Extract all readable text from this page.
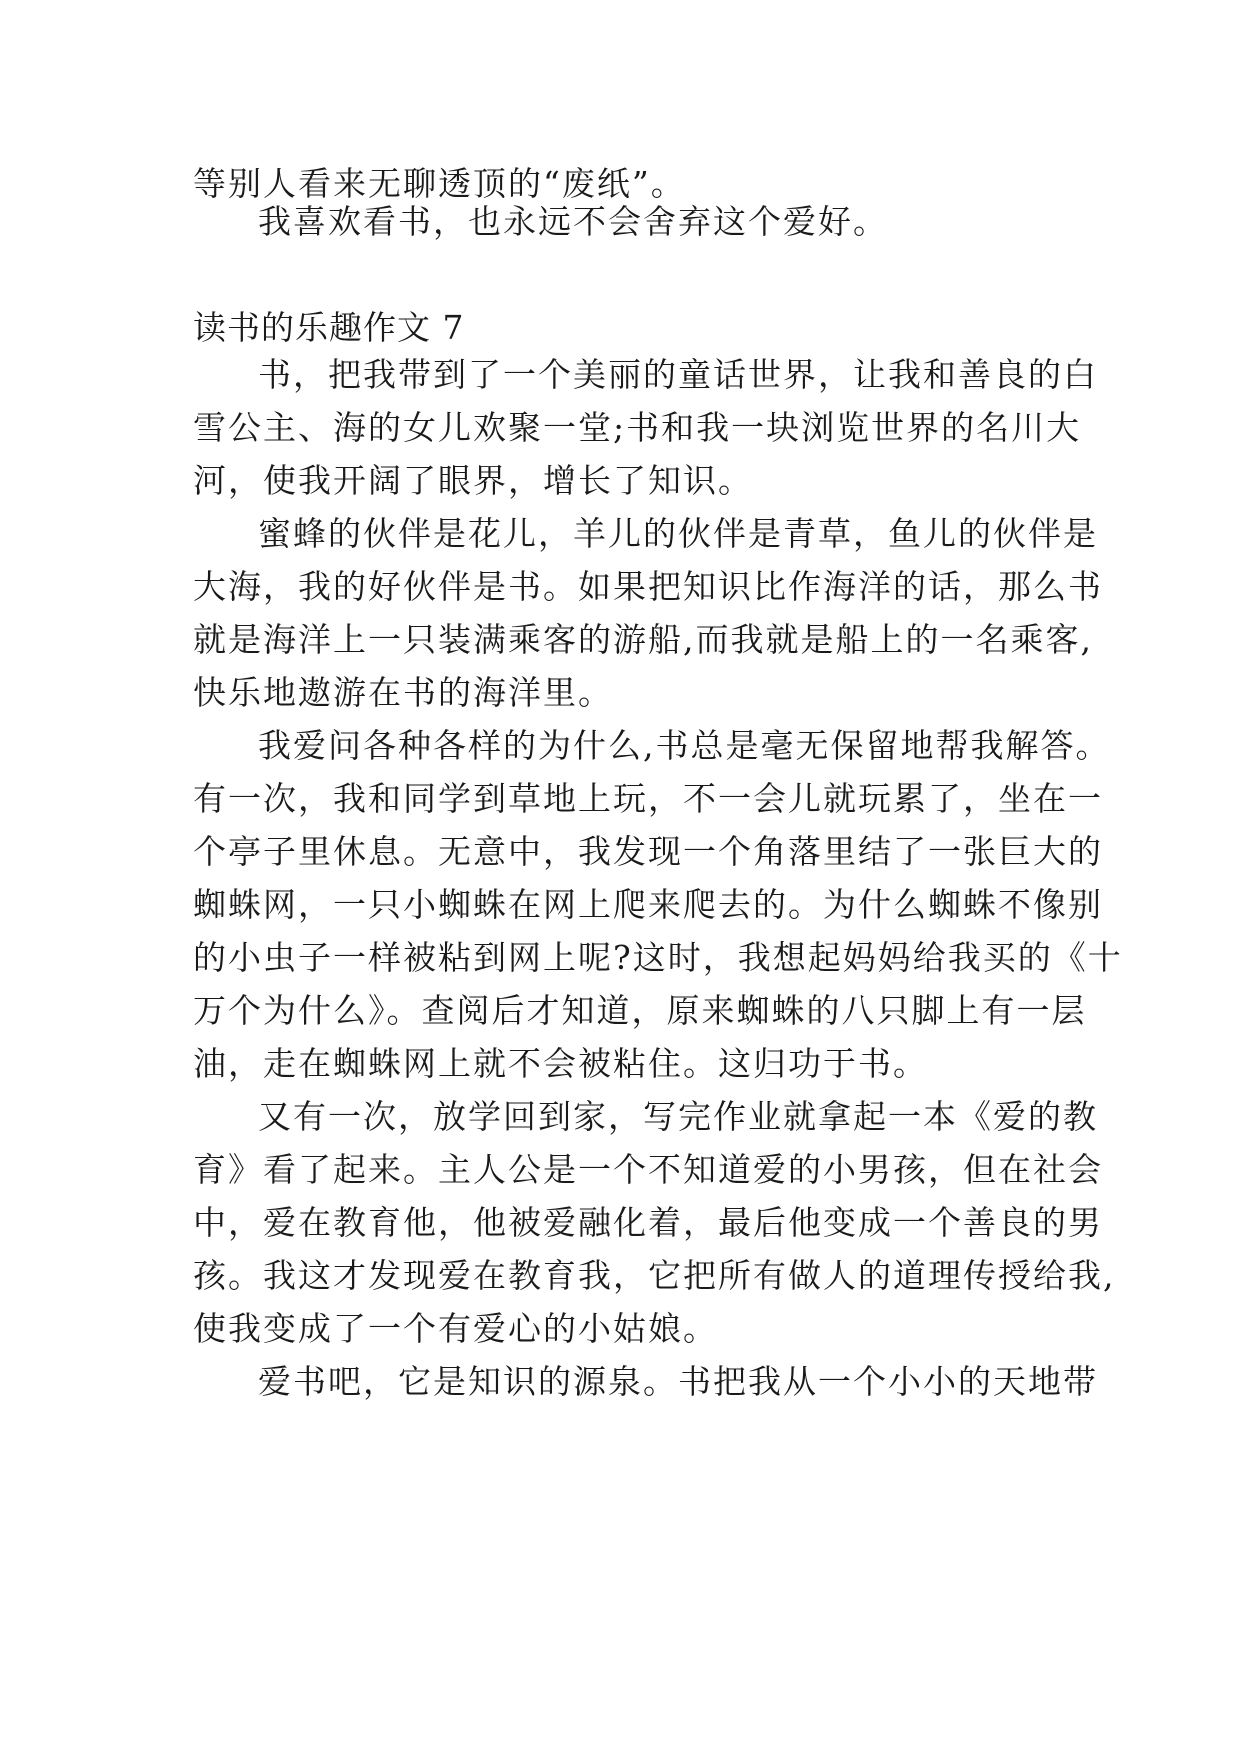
等别人看来无聊透顶的“废纸”。
我喜欢看书，也永远不会舍弃这个爱好。
读书的乐趣作文 7
书，把我带到了一个美丽的童话世界，让我和善良的白
雪公主、海的女儿欢聚一堂;书和我一块浏览世界的名川大
河，使我开阔了眼界，增长了知识。
蜜蜂的伙伴是花儿，羊儿的伙伴是青草，鱼儿的伙伴是
大海，我的好伙伴是书。如果把知识比作海洋的话，那么书
就是海洋上一只装满乘客的游船,而我就是船上的一名乘客,
快乐地遨游在书的海洋里。
我爱问各种各样的为什么,书总是毫无保留地帮我解答。
有一次，我和同学到草地上玩，不一会儿就玩累了，坐在一
个亭子里休息。无意中，我发现一个角落里结了一张巨大的
蜘蛛网，一只小蜘蛛在网上爬来爬去的。为什么蜘蛛不像别
的小虫子一样被粘到网上呢?这时，我想起妈妈给我买的《十
万个为什么》。查阅后才知道，原来蜘蛛的八只脚上有一层
油，走在蜘蛛网上就不会被粘住。这归功于书。
又有一次，放学回到家，写完作业就拿起一本《爱的教
育》看了起来。主人公是一个不知道爱的小男孩，但在社会
中，爱在教育他，他被爱融化着，最后他变成一个善良的男
孩。我这才发现爱在教育我，它把所有做人的道理传授给我,
使我变成了一个有爱心的小姑娘。
爱书吧，它是知识的源泉。书把我从一个小小的天地带
